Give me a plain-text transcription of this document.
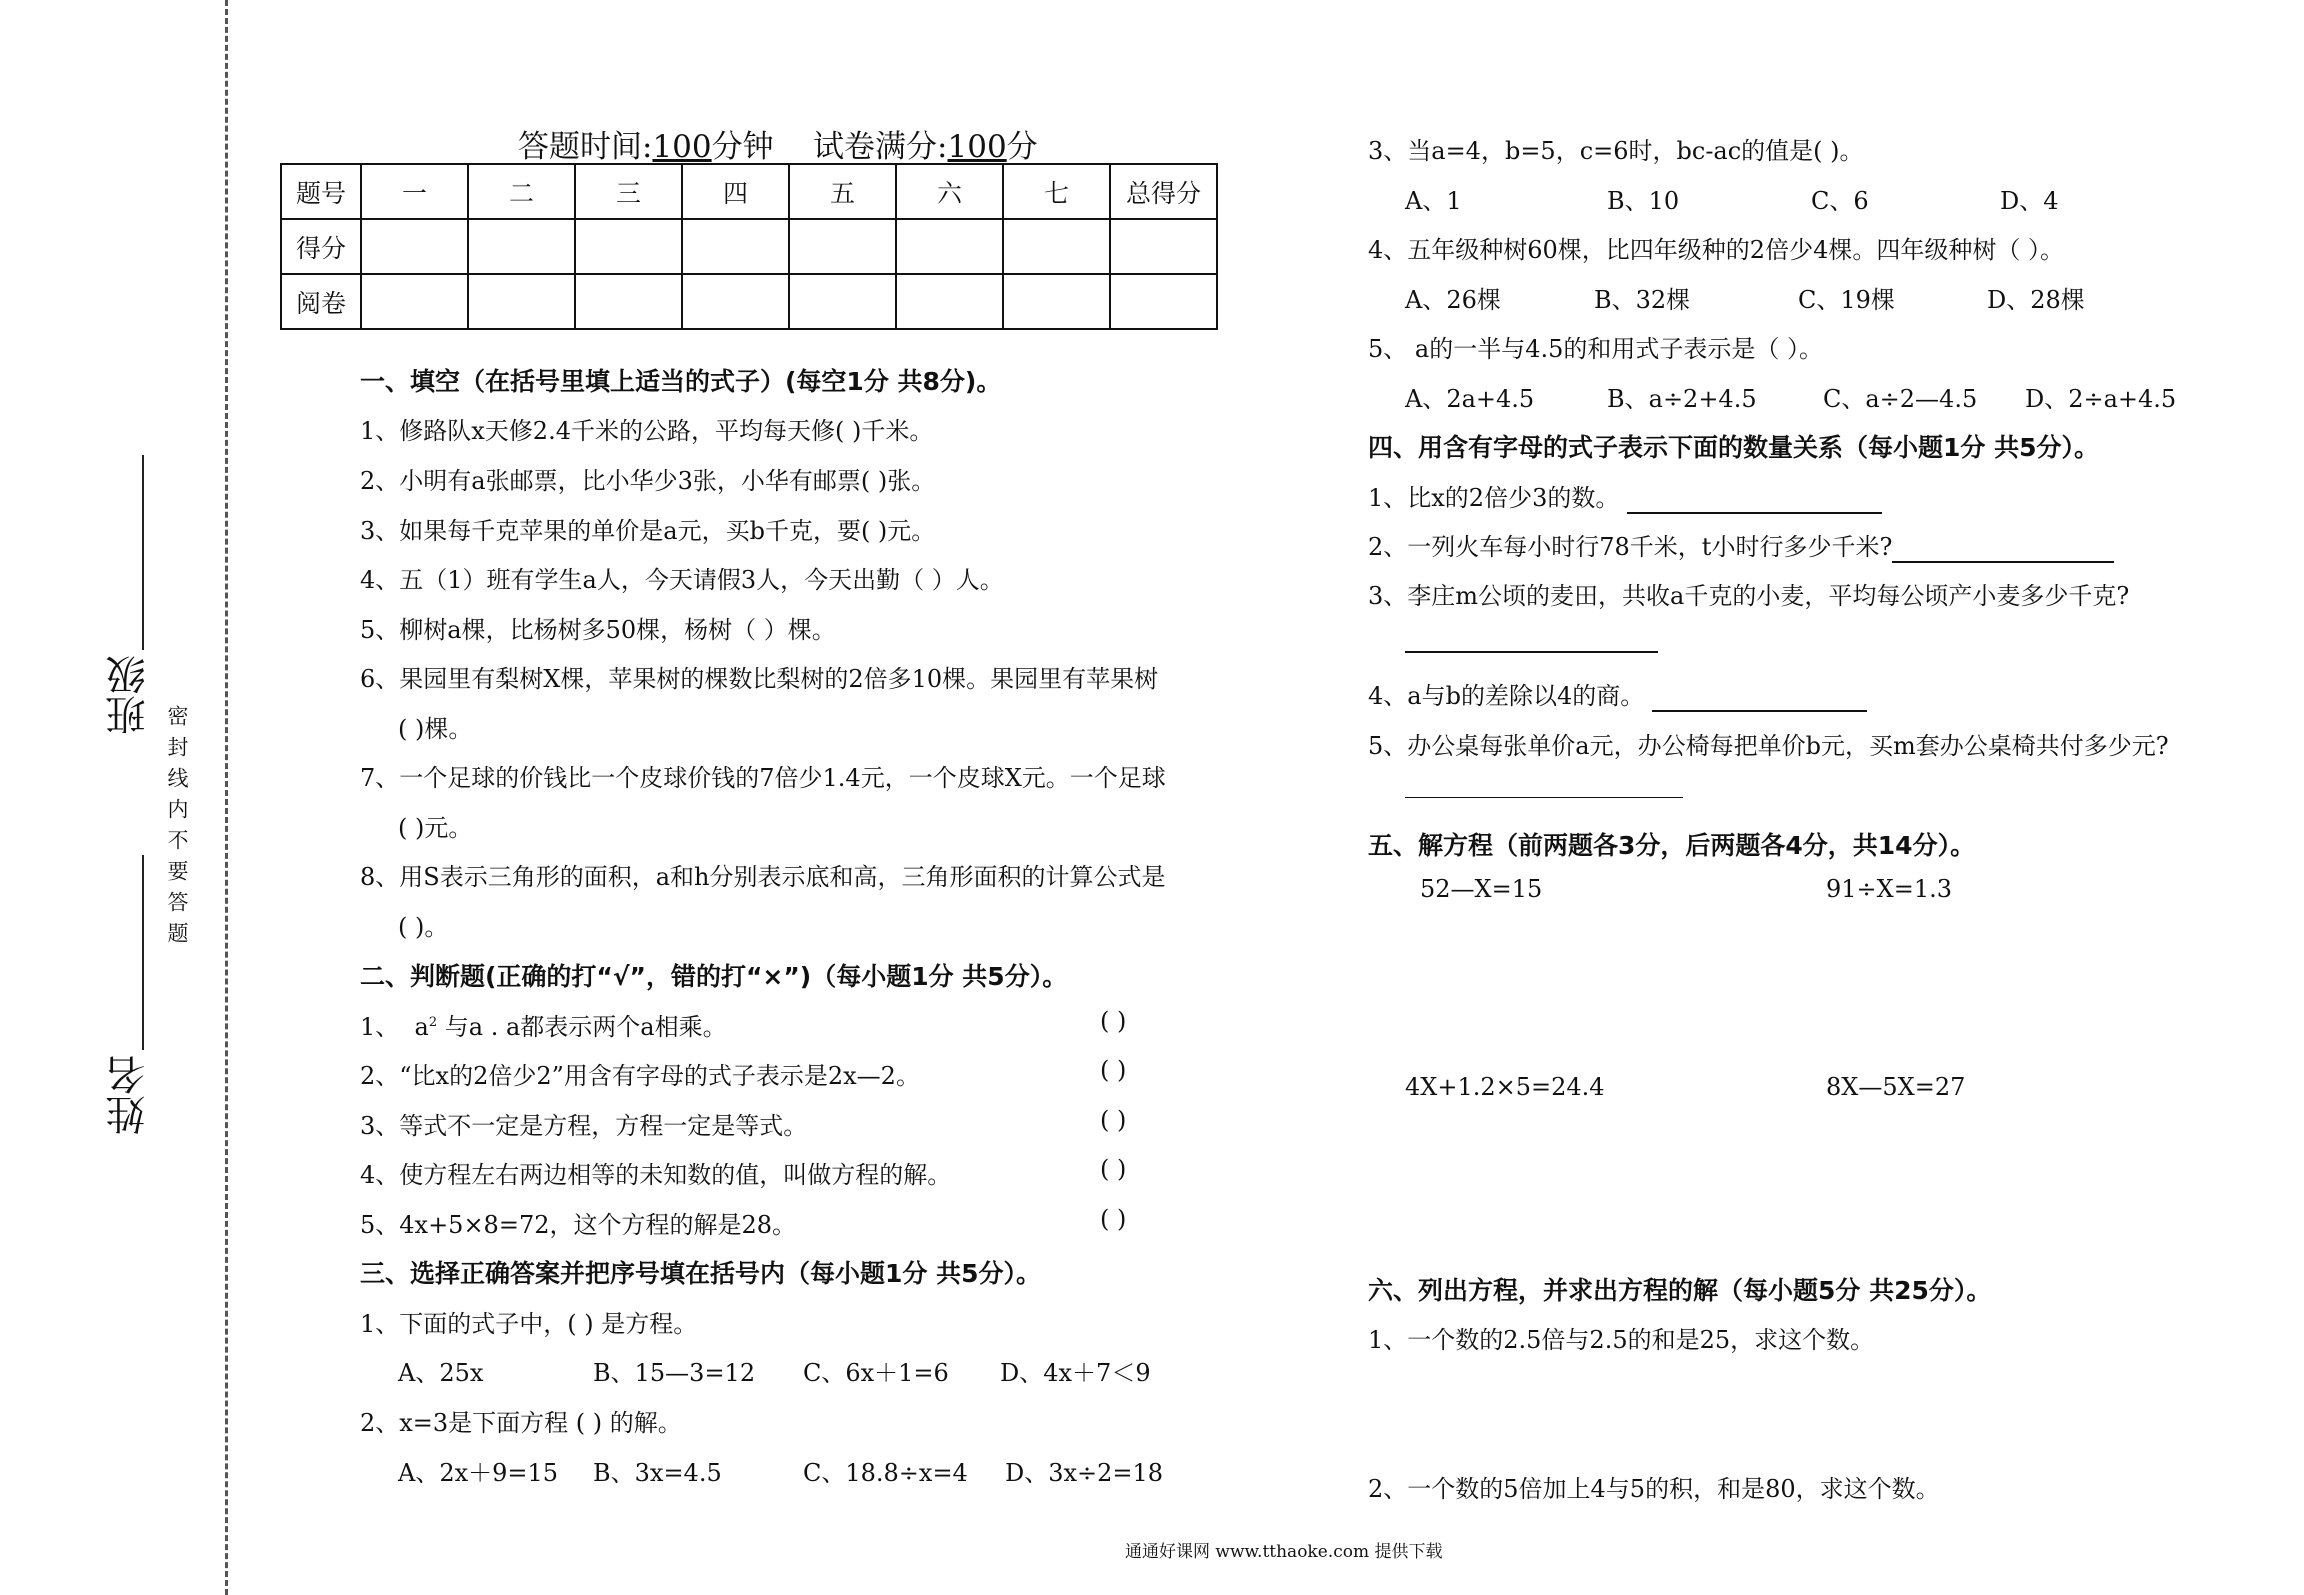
班级
姓名
密封线内不要答题
答题时间:100分钟 试卷满分:100分
题号	一	二	三	四	五	六	七	总得分
得分								
阅卷								
一、填空（在括号里填上适当的式子）(每空1分 共8分)。
1、修路队x天修2.4千米的公路，平均每天修( )千米。
2、小明有a张邮票，比小华少3张，小华有邮票( )张。
3、如果每千克苹果的单价是a元，买b千克，要( )元。
4、五（1）班有学生a人，今天请假3人，今天出勤（ ）人。
5、柳树a棵，比杨树多50棵，杨树（ ）棵。
6、果园里有梨树X棵，苹果树的棵数比梨树的2倍多10棵。果园里有苹果树
( )棵。
7、一个足球的价钱比一个皮球价钱的7倍少1.4元，一个皮球X元。一个足球
( )元。
8、用S表示三角形的面积，a和h分别表示底和高，三角形面积的计算公式是
( )。
二、判断题(正确的打“√”，错的打“×”)（每小题1分 共5分）。
1、 $a^2$ 与a . a都表示两个a相乘。	( )
2、“比x的2倍少2”用含有字母的式子表示是2x—2。	( )
3、等式不一定是方程，方程一定是等式。	( )
4、使方程左右两边相等的未知数的值，叫做方程的解。	( )
5、4x+5×8=72，这个方程的解是28。	( )
三、选择正确答案并把序号填在括号内（每小题1分 共5分）。
1、下面的式子中，( ) 是方程。
A、25x	B、15—3=12 C、6x＋1=6 D、4x＋7＜9
2、x=3是下面方程 ( ) 的解。
A、2x＋9=15 B、3x=4.5	C、18.8÷x=4 D、3x÷2=18
3、当a=4，b=5，c=6时，bc-ac的值是( )。
A、1	B、10	C、6	D、4
4、五年级种树60棵，比四年级种的2倍少4棵。四年级种树（ ）。
A、26棵	B、32棵	C、19棵	D、28棵
5、 a的一半与4.5的和用式子表示是（ ）。
A、2a+4.5	B、a÷2+4.5	C、a÷2—4.5 D、2÷a+4.5
四、用含有字母的式子表示下面的数量关系（每小题1分 共5分）。
1、比x的2倍少3的数。
2、一列火车每小时行78千米，t小时行多少千米?
3、李庄m公顷的麦田，共收a千克的小麦，平均每公顷产小麦多少千克?
4、a与b的差除以4的商。
5、办公桌每张单价a元，办公椅每把单价b元，买m套办公桌椅共付多少元?
五、解方程（前两题各3分，后两题各4分，共14分）。
52—X=15	91÷X=1.3
4X+1.2×5=24.4	8X—5X=27
六、列出方程，并求出方程的解（每小题5分 共25分）。
1、一个数的2.5倍与2.5的和是25，求这个数。
2、一个数的5倍加上4与5的积，和是80，求这个数。
通通好课网 www.tthaoke.com 提供下载
